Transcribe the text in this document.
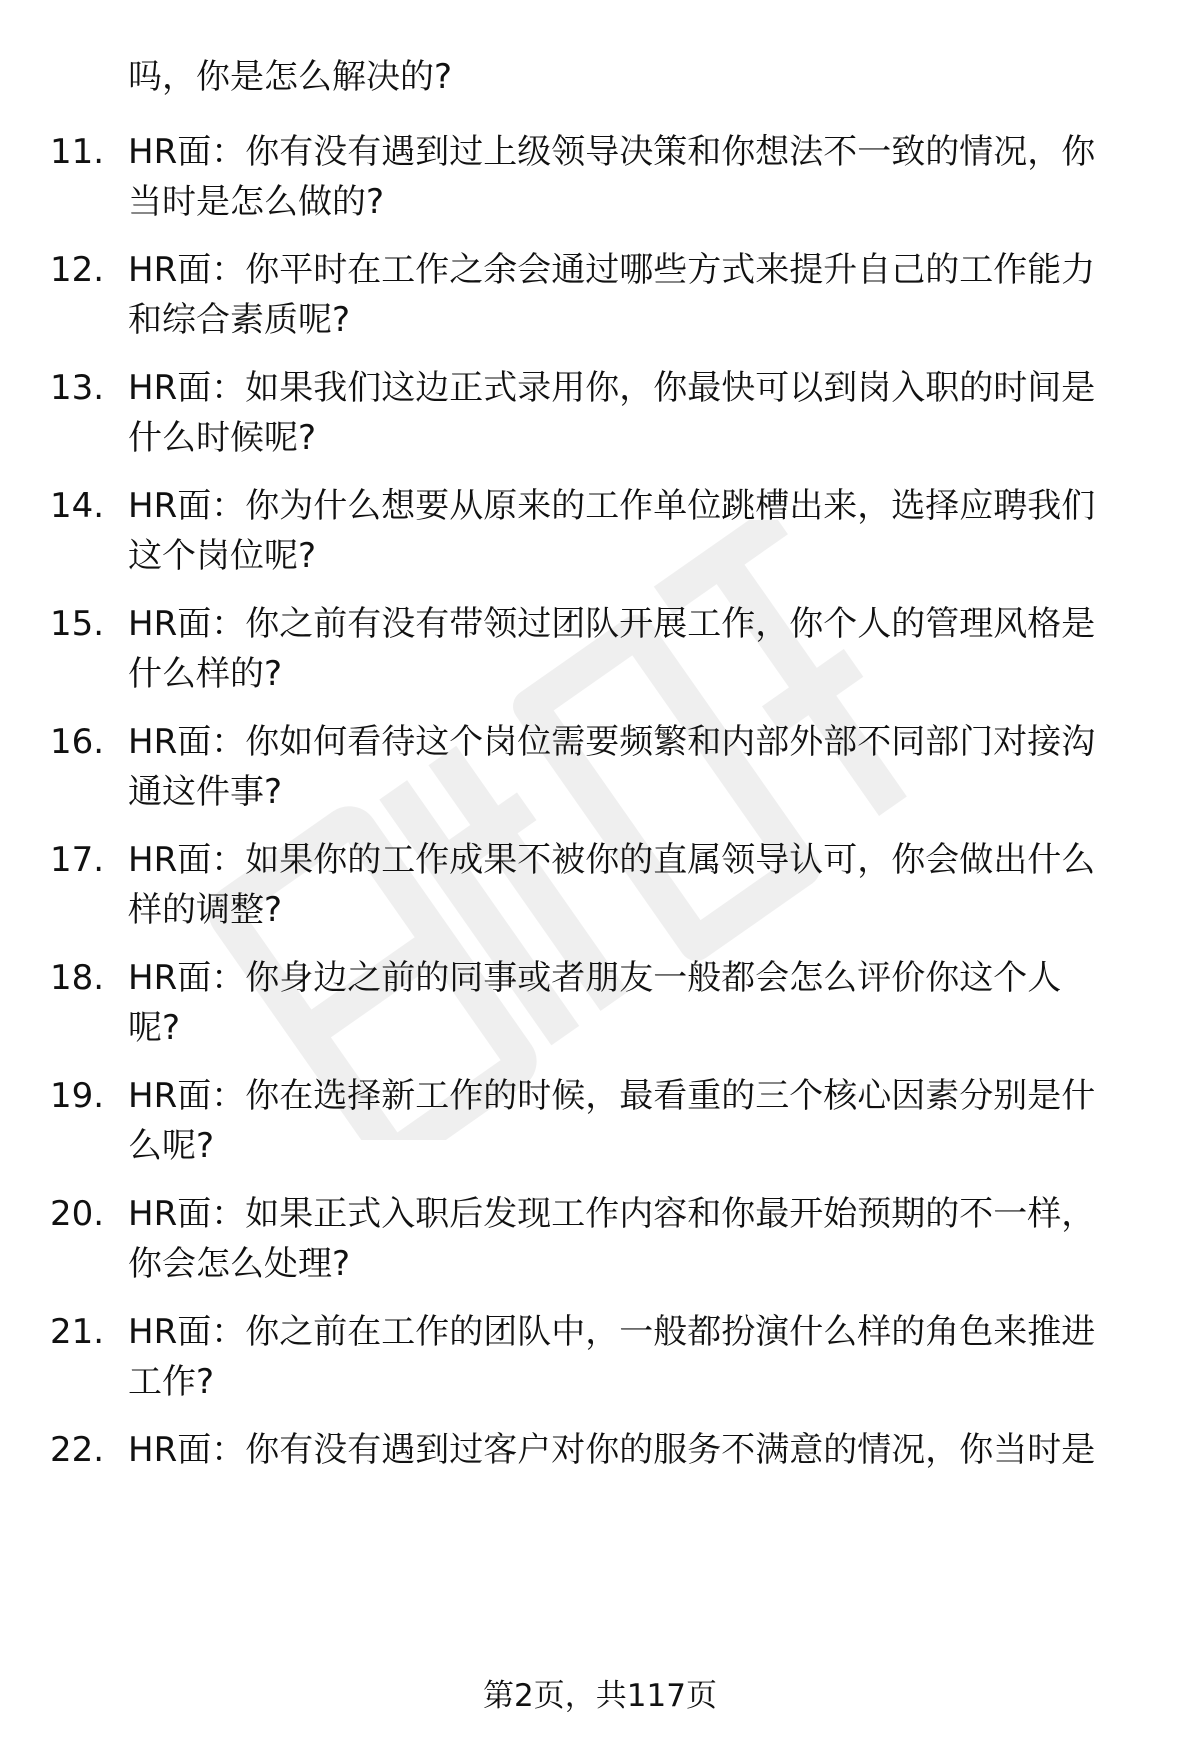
吗，你是怎么解决的?
11. HR面：你有没有遇到过上级领导决策和你想法不一致的情况，你
当时是怎么做的?
12. HR面：你平时在工作之余会通过哪些方式来提升自己的工作能力
和综合素质呢?
13. HR面：如果我们这边正式录用你，你最快可以到岗入职的时间是
什么时候呢?
14. HR面：你为什么想要从原来的工作单位跳槽出来，选择应聘我们
这个岗位呢?
15. HR面：你之前有没有带领过团队开展工作，你个人的管理风格是
什么样的?
16. HR面：你如何看待这个岗位需要频繁和内部外部不同部门对接沟
通这件事?
17. HR面：如果你的工作成果不被你的直属领导认可，你会做出什么
样的调整?
18. HR面：你身边之前的同事或者朋友一般都会怎么评价你这个人
呢?
19. HR面：你在选择新工作的时候，最看重的三个核心因素分别是什
么呢?
20. HR面：如果正式入职后发现工作内容和你最开始预期的不一样，
你会怎么处理?
21. HR面：你之前在工作的团队中，一般都扮演什么样的角色来推进
工作?
22. HR面：你有没有遇到过客户对你的服务不满意的情况，你当时是
第2页，共117页
